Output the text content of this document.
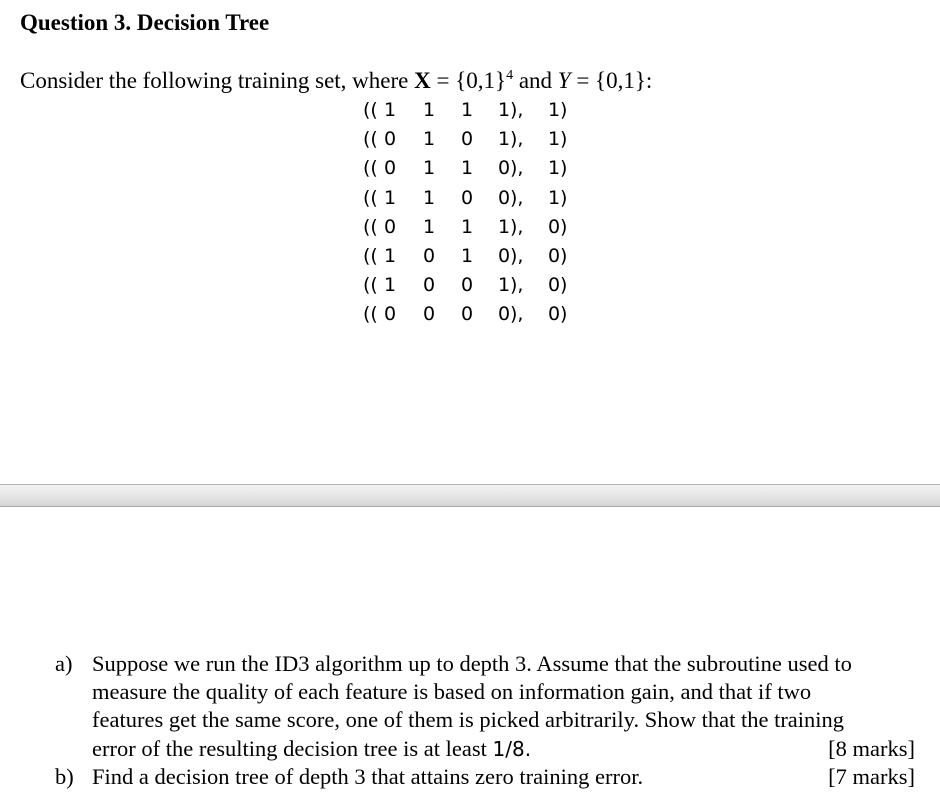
Question 3. Decision Tree
Consider the following training set, where $X = \{0,1\}^4$ and Y = {0,1}:
(( 1 1 1 1 ), 1 )
(( 0 1 0 1 ), 1 )
(( 0 1 1 0 ), 1 )
(( 1 1 0 0 ), 1 )
(( 0 1 1 1 ), 0 )
(( 1 0 1 0 ), 0 )
(( 1 0 0 1 ), 0 )
(( 0 0 0 0 ), 0 )
a) Suppose we run the ID3 algorithm up to depth 3. Assume that the subroutine used to
measure the quality of each feature is based on information gain, and that if two
features get the same score, one of them is picked arbitrarily. Show that the training
error of the resulting decision tree is at least 1/8.	[8 marks]
b) Find a decision tree of depth 3 that attains zero training error.	[7 marks]
